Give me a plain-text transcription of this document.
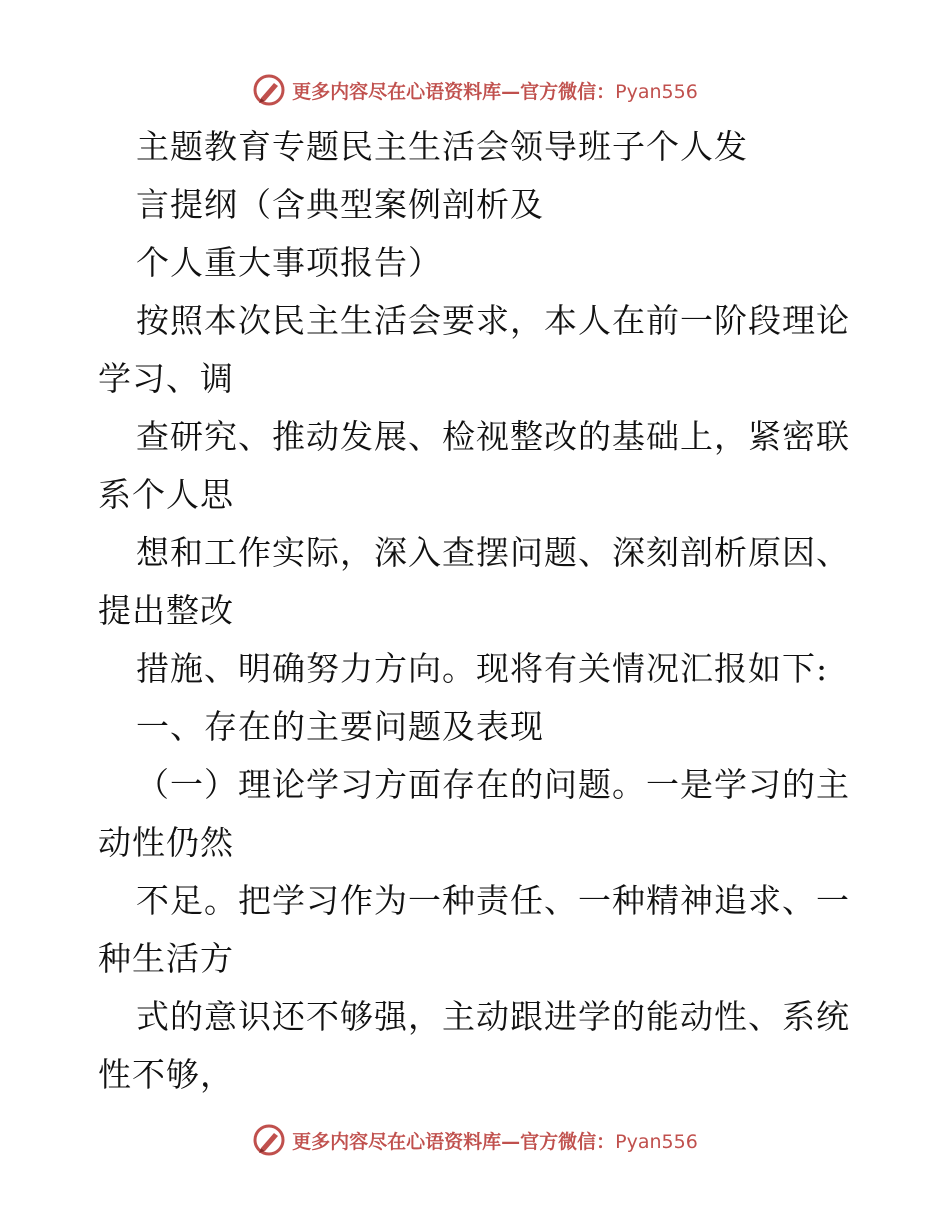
更多内容尽在心语资料库—官方微信：Pyan556
主题教育专题民主生活会领导班子个人发
言提纲（含典型案例剖析及
个人重大事项报告）
按照本次民主生活会要求，本人在前一阶段理论
学习、调
查研究、推动发展、检视整改的基础上，紧密联
系个人思
想和工作实际，深入查摆问题、深刻剖析原因、
提出整改
措施、明确努力方向。现将有关情况汇报如下:
一、存在的主要问题及表现
（一）理论学习方面存在的问题。一是学习的主
动性仍然
不足。把学习作为一种责任、一种精神追求、一
种生活方
式的意识还不够强，主动跟进学的能动性、系统
性不够，
更多内容尽在心语资料库—官方微信：Pyan556
